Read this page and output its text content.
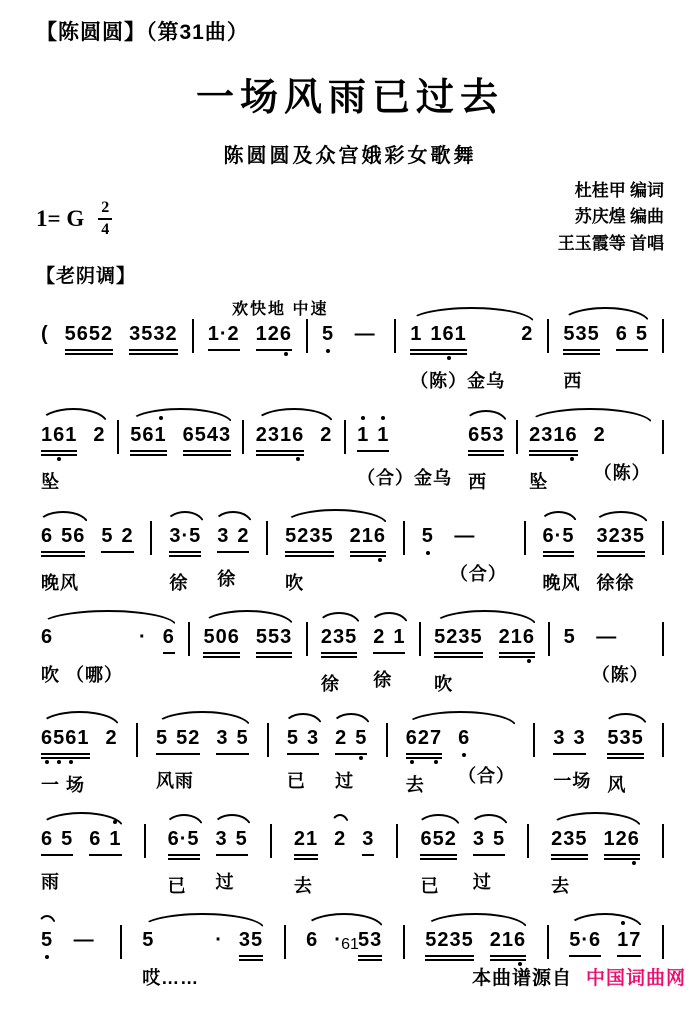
【陈圆圆】（第31曲）
一场风雨已过去
陈圆圆及众宫娥彩女歌舞
1= G $\frac{2}{4}$
杜桂甲 编词
苏庆煌 编曲
王玉霞等 首唱
【老阴调】
欢快地 中速
( 5652 3532 1·2 126 5 — 1 16
1
（陈）金乌
2 535
西
6 5
16
1
坠
2 561 6543 2316 2 1 1
（合）金乌
653
西
2316
坠
2
（陈）
6 56
晚风
5 2 3·5
徐
3 2
徐
5235
吹
216 5 —
（合）
6·5
晚风
3235
徐徐
6
吹 （哪）
· 6 506 553 235
徐
2 1
徐
5235
吹
216 5 —
（陈）
6
5
6
1
一 场
2 5 52
风雨
3 5 5 3
已
2 5
过
6
27
去
6
（合）
3 3
一场
535
风
6 5
雨
6 1 6·5
已
3 5
过
21
去
2 3 652
已
3 5
过
235
去
126
5 — 5
哎……
· 35 6 · 53 5235 216 5·6 1
7
61
本曲谱源自 中国词曲网
